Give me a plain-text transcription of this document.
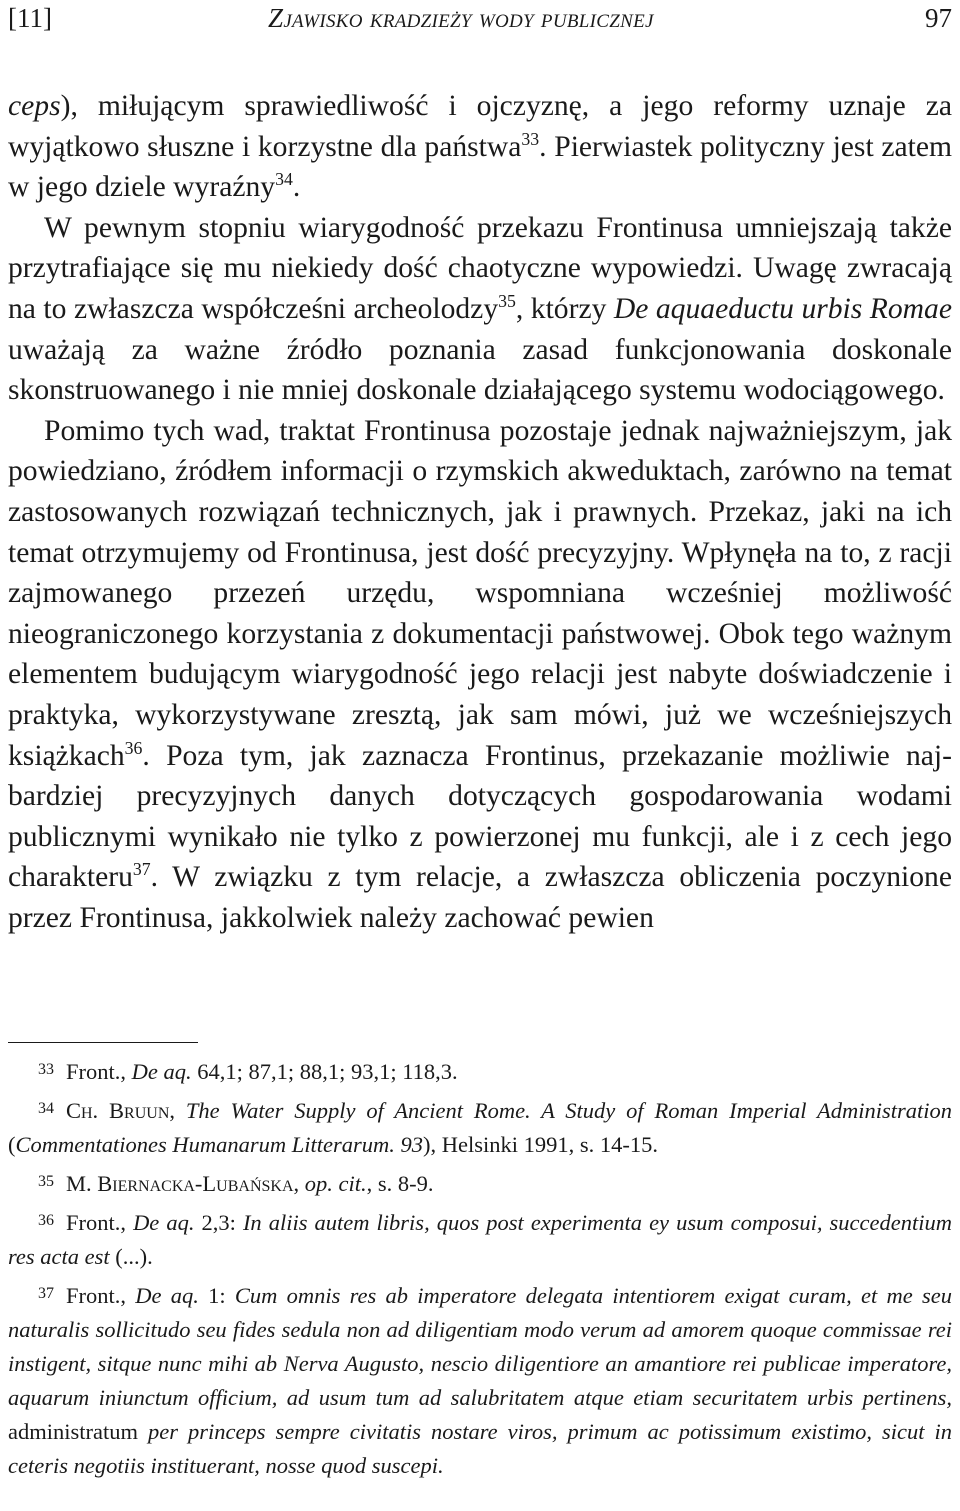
[11]	Zjawisko kradzieży wody publicznej	97

ceps), miłującym sprawiedliwość i ojczyznę, a jego reformy uznaje za wyjątkowo słuszne i korzystne dla państwa$^{33}$. Pierwiastek polityczny jest zatem w jego dziele wyraźny$^{34}$.

W pewnym stopniu wiarygodność przekazu Frontinusa umniejszają także przytrafiające się mu niekiedy dość chaotyczne wypowiedzi. Uwagę zwracają na to zwłaszcza współcześni archeolodzy$^{35}$, którzy De aquaeductu urbis Romae uważają za ważne źródło poznania zasad funkcjonowania doskonale skonstruowanego i nie mniej doskonale działającego systemu wodociągowego.

Pomimo tych wad, traktat Frontinusa pozostaje jednak najważniejszym, jak powiedziano, źródłem informacji o rzymskich akweduktach, zarówno na temat zastosowanych rozwiązań technicznych, jak i prawnych. Przekaz, jaki na ich temat otrzymujemy od Frontinusa, jest dość precyzyjny. Wpłynęła na to, z racji zajmowanego przezeń urzędu, wspomniana wcześniej możliwość nieograniczonego korzystania z dokumentacji państwowej. Obok tego ważnym elementem budującym wiarygodność jego relacji jest nabyte doświadczenie i praktyka, wykorzystywane zresztą, jak sam mówi, już we wcześniejszych książkach$^{36}$. Poza tym, jak zaznacza Frontinus, przekazanie możliwie najbardziej precyzyjnych danych dotyczących gospodarowania wodami publicznymi wynikało nie tylko z powierzonej mu funkcji, ale i z cech jego charakteru$^{37}$. W związku z tym relacje, a zwłaszcza obliczenia poczynione przez Frontinusa, jakkolwiek należy zachować pewien

33 Front., De aq. 64,1; 87,1; 88,1; 93,1; 118,3.

34 Ch. Bruun, The Water Supply of Ancient Rome. A Study of Roman Imperial Administration (Commentationes Humanarum Litterarum. 93), Helsinki 1991, s. 14-15.

35 M. Biernacka-Lubańska, op. cit., s. 8-9.

36 Front., De aq. 2,3: In aliis autem libris, quos post experimenta ey usum composui, succedentium res acta est (...).

37 Front., De aq. 1: Cum omnis res ab imperatore delegata intentiorem exigat curam, et me seu naturalis sollicitudo seu fides sedula non ad diligentiam modo verum ad amorem quoque commissae rei instigent, sitque nunc mihi ab Nerva Augusto, nescio diligentiore an amantiore rei publicae imperatore, aquarum iniunctum officium, ad usum tum ad salubritatem atque etiam securitatem urbis pertinens, administratum per princeps sempre civitatis nostare viros, primum ac potissimum existimo, sicut in ceteris negotiis instituerant, nosse quod suscepi.
